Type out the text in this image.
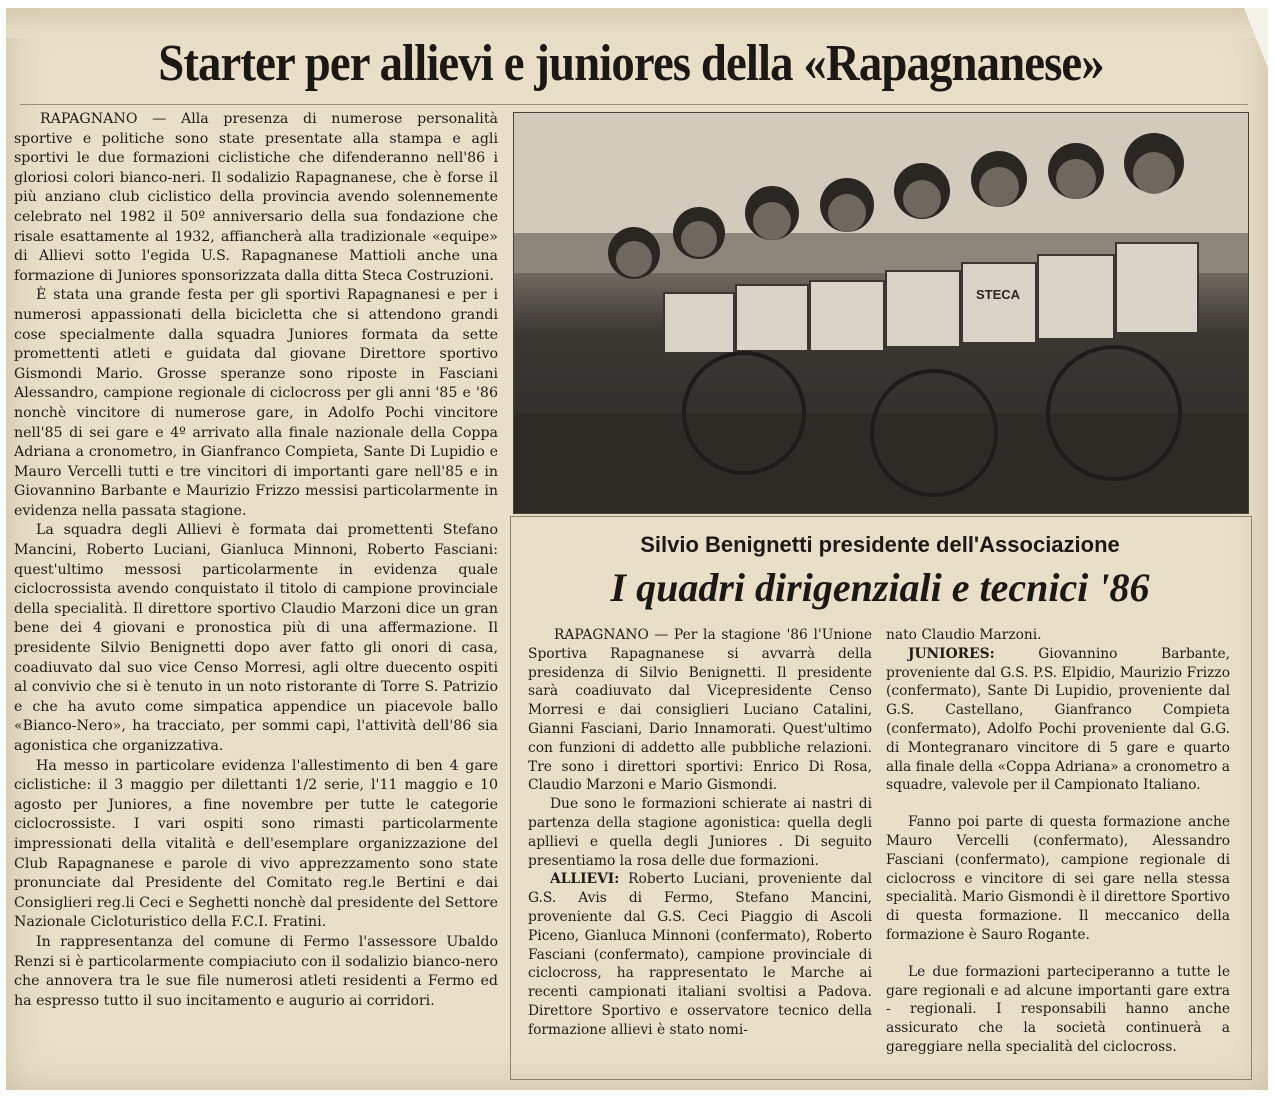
Starter per allievi e juniores della «Rapagnanese»

RAPAGNANO — Alla presenza di numerose personalità sportive e politiche sono state presentate alla stampa e agli sportivi le due formazioni ciclistiche che difenderanno nell'86 i gloriosi colori bianco-neri. Il sodalizio Rapagnanese, che è forse il più anziano club ciclistico della provincia avendo solennemente celebrato nel 1982 il 50º anniversario della sua fondazione che risale esattamente al 1932, affiancherà alla tradizionale «equipe» di Allievi sotto l'egida U.S. Rapagnanese Mattioli anche una formazione di Juniores sponsorizzata dalla ditta Steca Costruzioni.

È stata una grande festa per gli sportivi Rapagnanesi e per i numerosi appassionati della bicicletta che si attendono grandi cose specialmente dalla squadra Juniores formata da sette promettenti atleti e guidata dal giovane Direttore sportivo Gismondi Mario. Grosse speranze sono riposte in Fasciani Alessandro, campione regionale di ciclocross per gli anni '85 e '86 nonchè vincitore di numerose gare, in Adolfo Pochi vincitore nell'85 di sei gare e 4º arrivato alla finale nazionale della Coppa Adriana a cronometro, in Gianfranco Compieta, Sante Di Lupidio e Mauro Vercelli tutti e tre vincitori di importanti gare nell'85 e in Giovannino Barbante e Maurizio Frizzo messisi particolarmente in evidenza nella passata stagione.

La squadra degli Allievi è formata dai promettenti Stefano Mancini, Roberto Luciani, Gianluca Minnoni, Roberto Fasciani: quest'ultimo messosi particolarmente in evidenza quale ciclocrossista avendo conquistato il titolo di campione provinciale della specialità. Il direttore sportivo Claudio Marzoni dice un gran bene dei 4 giovani e pronostica più di una affermazione. Il presidente Silvio Benignetti dopo aver fatto gli onori di casa, coadiuvato dal suo vice Censo Morresi, agli oltre duecento ospiti al convivio che si è tenuto in un noto ristorante di Torre S. Patrizio e che ha avuto come simpatica appendice un piacevole ballo «Bianco-Nero», ha tracciato, per sommi capi, l'attività dell'86 sia agonistica che organizzativa.

Ha messo in particolare evidenza l'allestimento di ben 4 gare ciclistiche: il 3 maggio per dilettanti 1/2 serie, l'11 maggio e 10 agosto per Juniores, a fine novembre per tutte le categorie ciclocrossiste. I vari ospiti sono rimasti particolarmente impressionati della vitalità e dell'esemplare organizzazione del Club Rapagnanese e parole di vivo apprezzamento sono state pronunciate dal Presidente del Comitato reg.le Bertini e dai Consiglieri reg.li Ceci e Seghetti nonchè dal presidente del Settore Nazionale Cicloturistico della F.C.I. Fratini.

In rappresentanza del comune di Fermo l'assessore Ubaldo Renzi si è particolarmente compiaciuto con il sodalizio bianco-nero che annovera tra le sue file numerosi atleti residenti a Fermo ed ha espresso tutto il suo incitamento e augurio ai corridori.

STECA
Silvio Benignetti presidente dell'Associazione
I quadri dirigenziali e tecnici '86

RAPAGNANO — Per la stagione '86 l'Unione Sportiva Rapagnanese si avvarrà della presidenza di Silvio Benignetti. Il presidente sarà coadiuvato dal Vicepresidente Censo Morresi e dai consiglieri Luciano Catalini, Gianni Fasciani, Dario Innamorati. Quest'ultimo con funzioni di addetto alle pubbliche relazioni. Tre sono i direttori sportivi: Enrico Di Rosa, Claudio Marzoni e Mario Gismondi.

Due sono le formazioni schierate ai nastri di partenza della stagione agonistica: quella degli apllievi e quella degli Juniores . Di seguito presentiamo la rosa delle due formazioni.

ALLIEVI: Roberto Luciani, proveniente dal G.S. Avis di Fermo, Stefano Mancini, proveniente dal G.S. Ceci Piaggio di Ascoli Piceno, Gianluca Minnoni (confermato), Roberto Fasciani (confermato), campione provinciale di ciclocross, ha rappresentato le Marche ai recenti campionati italiani svoltisi a Padova. Direttore Sportivo e osservatore tecnico della formazione allievi è stato nomi-

nato Claudio Marzoni.

JUNIORES:	Giovannino Barbante, proveniente dal G.S. P.S. Elpidio, Maurizio Frizzo (confermato), Sante Di Lupidio, proveniente dal G.S. Castellano, Gianfranco Compieta (confermato), Adolfo Pochi proveniente dal G.G. di Montegranaro vincitore di 5 gare e quarto alla finale della «Coppa Adriana» a cronometro a squadre, valevole per il Campionato Italiano.

Fanno poi parte di questa formazione anche Mauro Vercelli (confermato), Alessandro Fasciani (confermato), campione regionale di ciclocross e vincitore di sei gare nella stessa specialità. Mario Gismondi è il direttore Sportivo di questa formazione. Il meccanico della formazione è Sauro Rogante.

Le due formazioni parteciperanno a tutte le gare regionali e ad alcune importanti gare extra - regionali. I responsabili hanno anche assicurato che la società continuerà a gareggiare nella specialità del ciclocross.
